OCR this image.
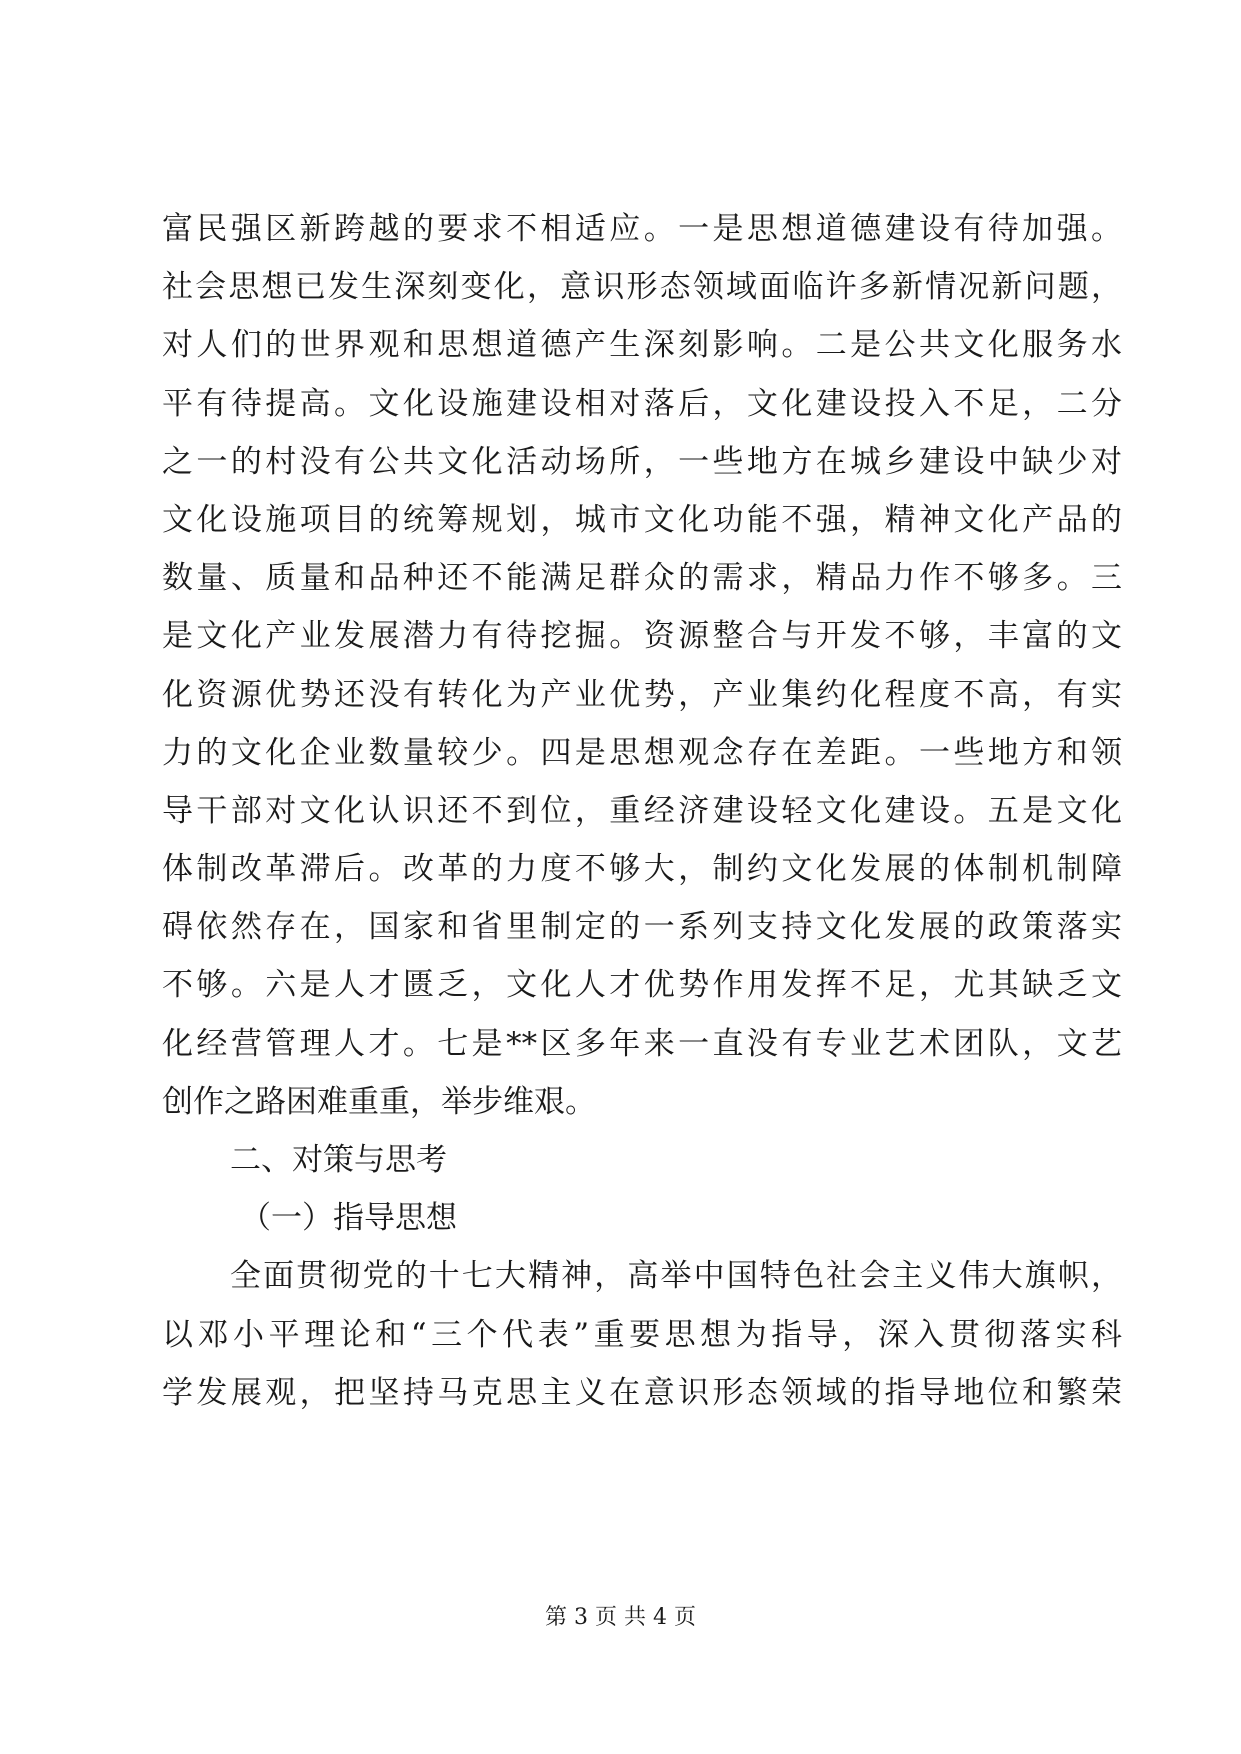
富民强区新跨越的要求不相适应。一是思想道德建设有待加强。
社会思想已发生深刻变化，意识形态领域面临许多新情况新问题，
对人们的世界观和思想道德产生深刻影响。二是公共文化服务水
平有待提高。文化设施建设相对落后，文化建设投入不足，二分
之一的村没有公共文化活动场所，一些地方在城乡建设中缺少对
文化设施项目的统筹规划，城市文化功能不强，精神文化产品的
数量、质量和品种还不能满足群众的需求，精品力作不够多。三
是文化产业发展潜力有待挖掘。资源整合与开发不够，丰富的文
化资源优势还没有转化为产业优势，产业集约化程度不高，有实
力的文化企业数量较少。四是思想观念存在差距。一些地方和领
导干部对文化认识还不到位，重经济建设轻文化建设。五是文化
体制改革滞后。改革的力度不够大，制约文化发展的体制机制障
碍依然存在，国家和省里制定的一系列支持文化发展的政策落实
不够。六是人才匮乏，文化人才优势作用发挥不足，尤其缺乏文
化经营管理人才。七是**区多年来一直没有专业艺术团队，文艺
创作之路困难重重，举步维艰。
二、对策与思考
（一）指导思想
全面贯彻党的十七大精神，高举中国特色社会主义伟大旗帜，
以邓小平理论和“三个代表”重要思想为指导，深入贯彻落实科
学发展观，把坚持马克思主义在意识形态领域的指导地位和繁荣
第 3 页 共 4 页
